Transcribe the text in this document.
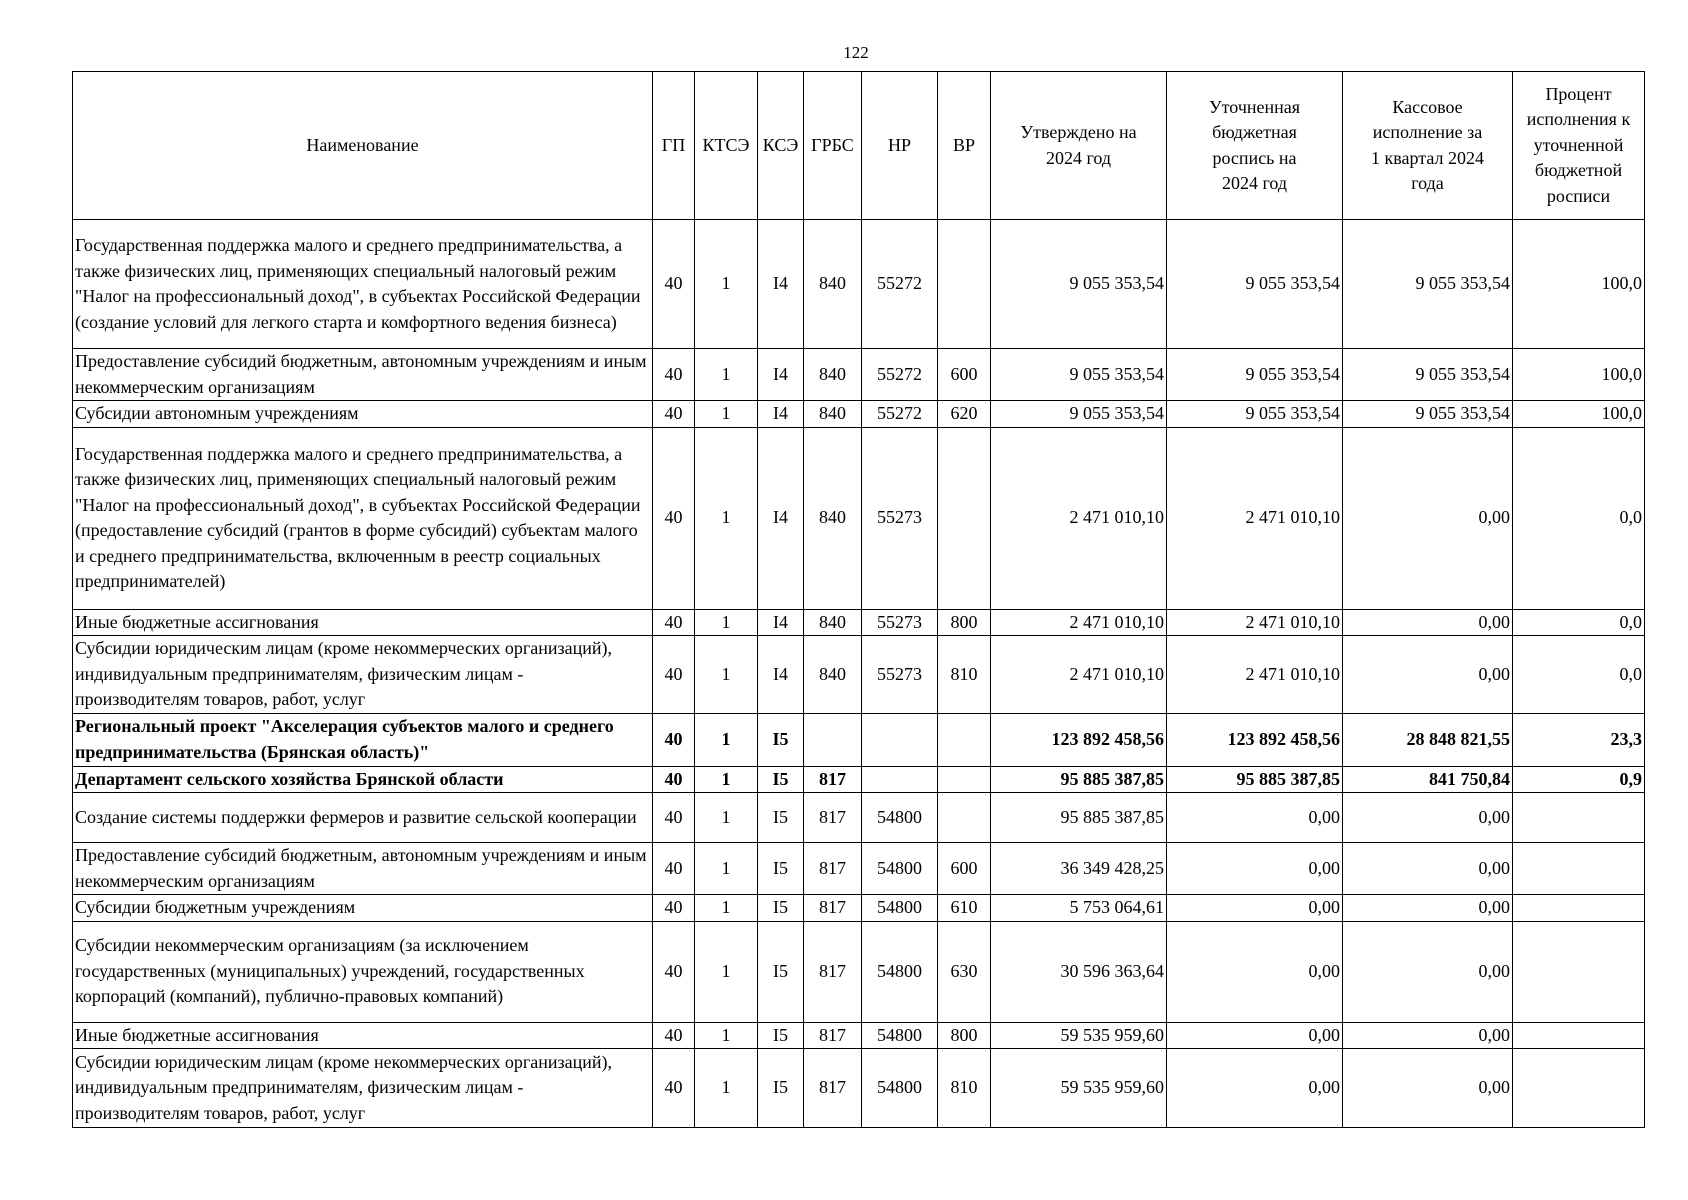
122
Наименование	ГП	КТСЭ	КСЭ	ГРБС	НР	ВР	Утверждено на 2024 год	Уточненная бюджетная роспись на 2024 год	Кассовое исполнение за 1 квартал 2024 года	Процент исполнения к уточненной бюджетной росписи
Государственная поддержка малого и среднего предпринимательства, а также физических лиц, применяющих специальный налоговый режим "Налог на профессиональный доход", в субъектах Российской Федерации (создание условий для легкого старта и комфортного ведения бизнеса)	40	1	I4	840	55272		9 055 353,54	9 055 353,54	9 055 353,54	100,0
Предоставление субсидий бюджетным, автономным учреждениям и иным некоммерческим организациям	40	1	I4	840	55272	600	9 055 353,54	9 055 353,54	9 055 353,54	100,0
Субсидии автономным учреждениям	40	1	I4	840	55272	620	9 055 353,54	9 055 353,54	9 055 353,54	100,0
Государственная поддержка малого и среднего предпринимательства, а также физических лиц, применяющих специальный налоговый режим "Налог на профессиональный доход", в субъектах Российской Федерации (предоставление субсидий (грантов в форме субсидий) субъектам малого и среднего предпринимательства, включенным в реестр социальных предпринимателей)	40	1	I4	840	55273		2 471 010,10	2 471 010,10	0,00	0,0
Иные бюджетные ассигнования	40	1	I4	840	55273	800	2 471 010,10	2 471 010,10	0,00	0,0
Субсидии юридическим лицам (кроме некоммерческих организаций), индивидуальным предпринимателям, физическим лицам - производителям товаров, работ, услуг	40	1	I4	840	55273	810	2 471 010,10	2 471 010,10	0,00	0,0
Региональный проект "Акселерация субъектов малого и среднего предпринимательства (Брянская область)"	40	1	I5				123 892 458,56	123 892 458,56	28 848 821,55	23,3
Департамент сельского хозяйства Брянской области	40	1	I5	817			95 885 387,85	95 885 387,85	841 750,84	0,9
Создание системы поддержки фермеров и развитие сельской кооперации	40	1	I5	817	54800		95 885 387,85	0,00	0,00	
Предоставление субсидий бюджетным, автономным учреждениям и иным некоммерческим организациям	40	1	I5	817	54800	600	36 349 428,25	0,00	0,00	
Субсидии бюджетным учреждениям	40	1	I5	817	54800	610	5 753 064,61	0,00	0,00	
Субсидии некоммерческим организациям (за исключением государственных (муниципальных) учреждений, государственных корпораций (компаний), публично-правовых компаний)	40	1	I5	817	54800	630	30 596 363,64	0,00	0,00	
Иные бюджетные ассигнования	40	1	I5	817	54800	800	59 535 959,60	0,00	0,00	
Субсидии юридическим лицам (кроме некоммерческих организаций), индивидуальным предпринимателям, физическим лицам - производителям товаров, работ, услуг	40	1	I5	817	54800	810	59 535 959,60	0,00	0,00	
